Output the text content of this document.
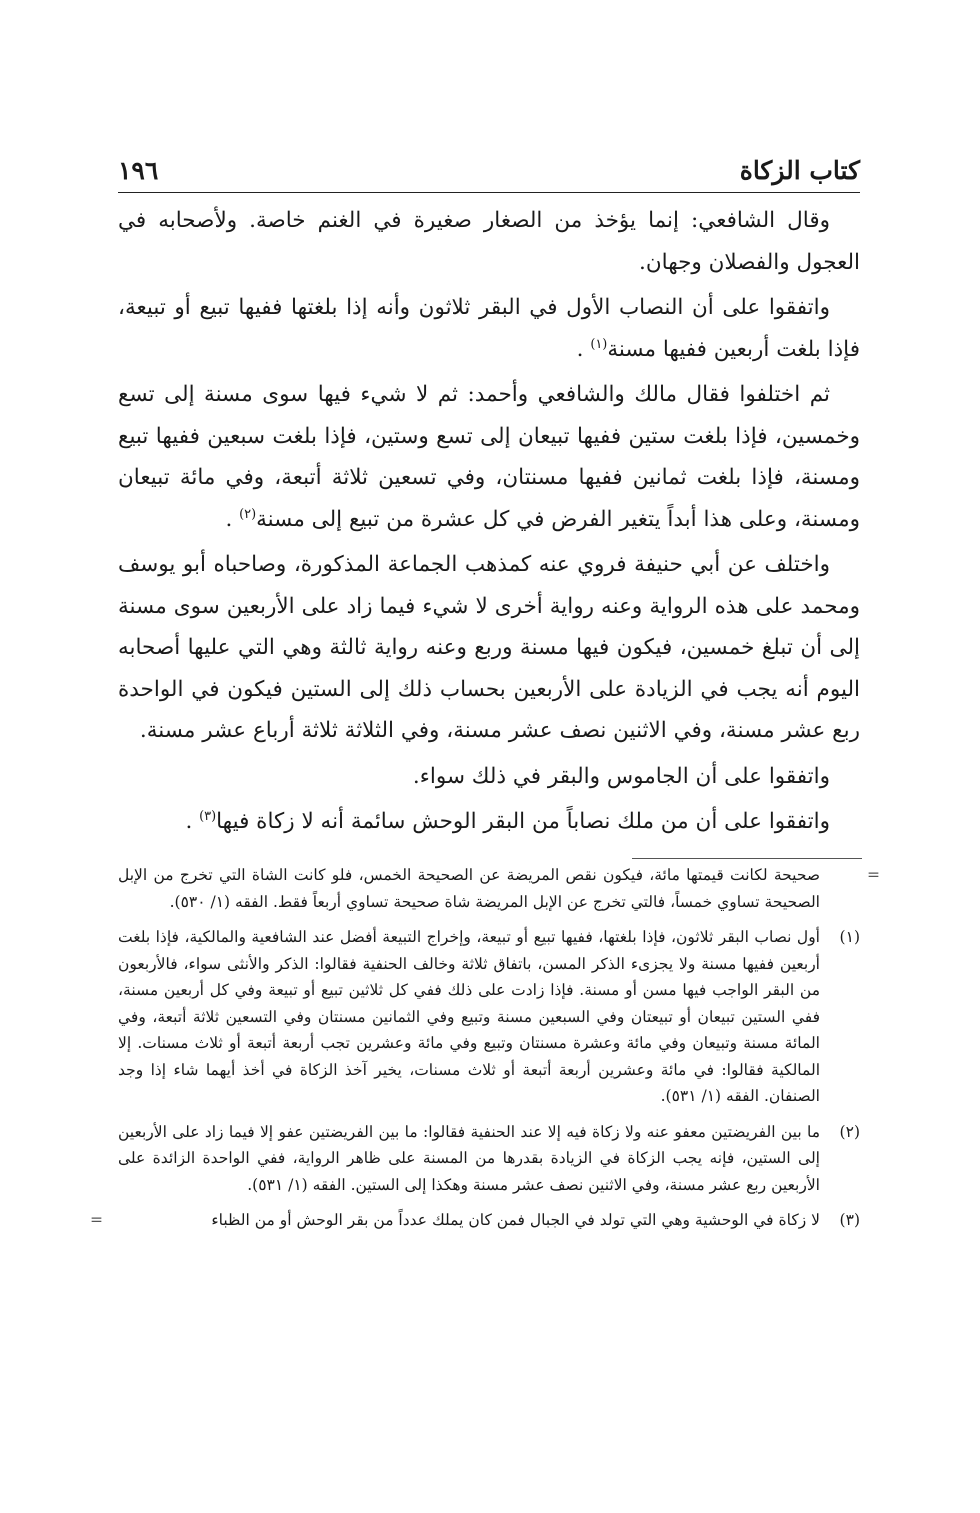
كتاب الزكاة
١٩٦

وقال الشافعي: إنما يؤخذ من الصغار صغيرة في الغنم خاصة. ولأصحابه في العجول والفصلان وجهان.

واتفقوا على أن النصاب الأول في البقر ثلاثون وأنه إذا بلغتها ففيها تبيع أو تبيعة، فإذا بلغت أربعين ففيها مسنة$^{(١)}$ .

ثم اختلفوا فقال مالك والشافعي وأحمد: ثم لا شيء فيها سوى مسنة إلى تسع وخمسين، فإذا بلغت ستين ففيها تبيعان إلى تسع وستين، فإذا بلغت سبعين ففيها تبيع ومسنة، فإذا بلغت ثمانين ففيها مسنتان، وفي تسعين ثلاثة أتبعة، وفي مائة تبيعان ومسنة، وعلى هذا أبداً يتغير الفرض في كل عشرة من تبيع إلى مسنة$^{(٢)}$ .

واختلف عن أبي حنيفة فروي عنه كمذهب الجماعة المذكورة، وصاحباه أبو يوسف ومحمد على هذه الرواية وعنه رواية أخرى لا شيء فيما زاد على الأربعين سوى مسنة إلى أن تبلغ خمسين، فيكون فيها مسنة وربع وعنه رواية ثالثة وهي التي عليها أصحابه اليوم أنه يجب في الزيادة على الأربعين بحساب ذلك إلى الستين فيكون في الواحدة ربع عشر مسنة، وفي الاثنين نصف عشر مسنة، وفي الثلاثة ثلاثة أرباع عشر مسنة.

واتفقوا على أن الجاموس والبقر في ذلك سواء.

واتفقوا على أن من ملك نصاباً من البقر الوحش سائمة أنه لا زكاة فيها$^{(٣)}$ .

=
صحيحة لكانت قيمتها مائة، فيكون نقص المريضة عن الصحيحة الخمس، فلو كانت الشاة التي تخرج من الإبل الصحيحة تساوي خمساً، فالتي تخرج عن الإبل المريضة شاة صحيحة تساوي أربعاً فقط. الفقه (١/ ٥٣٠).
(١)
أول نصاب البقر ثلاثون، فإذا بلغتها، ففيها تبيع أو تبيعة، وإخراج التبيعة أفضل عند الشافعية والمالكية، فإذا بلغت أربعين ففيها مسنة ولا يجزىء الذكر المسن، باتفاق ثلاثة وخالف الحنفية فقالوا: الذكر والأنثى سواء، فالأربعون من البقر الواجب فيها مسن أو مسنة. فإذا زادت على ذلك ففي كل ثلاثين تبيع أو تبيعة وفي كل أربعين مسنة، ففي الستين تبيعان أو تبيعتان وفي السبعين مسنة وتبيع وفي الثمانين مسنتان وفي التسعين ثلاثة أتبعة، وفي المائة مسنة وتبيعان وفي مائة وعشرة مسنتان وتبيع وفي مائة وعشرين تجب أربعة أتبعة أو ثلاث مسنات. إلا المالكية فقالوا: في مائة وعشرين أربعة أتبعة أو ثلاث مسنات، يخير آخذ الزكاة في أخذ أيهما شاء إذا وجد الصنفان. الفقه (١/ ٥٣١).
(٢)
ما بين الفريضتين معفو عنه ولا زكاة فيه إلا عند الحنفية فقالوا: ما بين الفريضتين عفو إلا فيما زاد على الأربعين إلى الستين، فإنه يجب الزكاة في الزيادة بقدرها من المسنة على ظاهر الرواية، ففي الواحدة الزائدة على الأربعين ربع عشر مسنة، وفي الاثنين نصف عشر مسنة وهكذا إلى الستين. الفقه (١/ ٥٣١).
(٣)
لا زكاة في الوحشية وهي التي تولد في الجبال فمن كان يملك عدداً من بقر الوحش أو من الظباء
=
